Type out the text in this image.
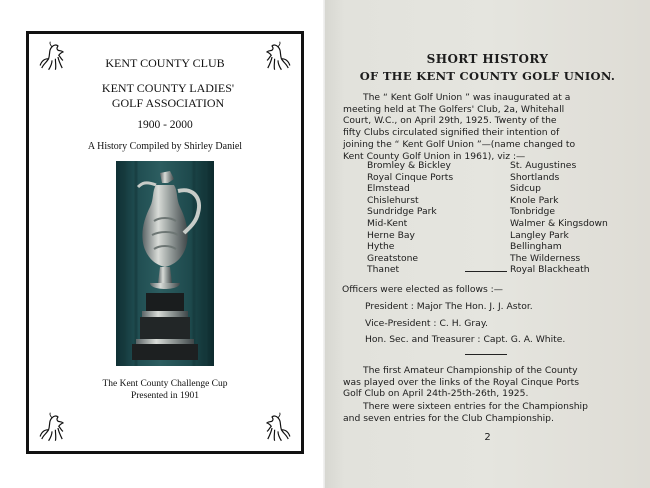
KENT COUNTY CLUB
KENT COUNTY LADIES'
GOLF ASSOCIATION
1900 - 2000
A History Compiled by Shirley Daniel
The Kent County Challenge Cup
Presented in 1901
SHORT HISTORY
OF THE KENT COUNTY GOLF UNION.
The “ Kent Golf Union ” was inaugurated at a
meeting held at The Golfers' Club, 2a, Whitehall
Court, W.C., on April 29th, 1925. Twenty of the
fifty Clubs circulated signified their intention of
joining the “ Kent Golf Union ”—(name changed to
Kent County Golf Union in 1961), viz :—
Bromley & Bickley
Royal Cinque Ports
Elmstead
Chislehurst
Sundridge Park
Mid-Kent
Herne Bay
Hythe
Greatstone
Thanet
St. Augustines
Shortlands
Sidcup
Knole Park
Tonbridge
Walmer & Kingsdown
Langley Park
Bellingham
The Wilderness
Royal Blackheath
Officers were elected as follows :—
President : Major The Hon. J. J. Astor.
Vice-President : C. H. Gray.
Hon. Sec. and Treasurer : Capt. G. A. White.
The first Amateur Championship of the County
was played over the links of the Royal Cinque Ports
Golf Club on April 24th-25th-26th, 1925.
There were sixteen entries for the Championship
and seven entries for the Club Championship.
2
